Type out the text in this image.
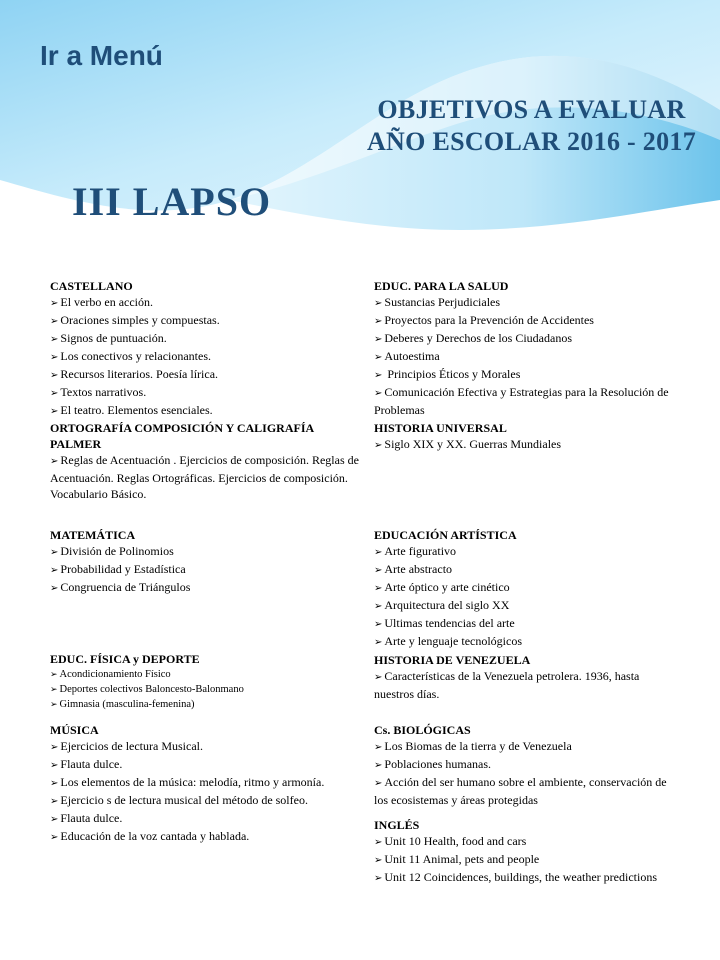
Ir a Menú
OBJETIVOS A EVALUAR
AÑO ESCOLAR 2016 - 2017
III LAPSO
CASTELLANO
➢ El verbo en acción.
➢ Oraciones simples y compuestas.
➢ Signos de puntuación.
➢ Los conectivos y relacionantes.
➢ Recursos literarios. Poesía lírica.
➢ Textos narrativos.
➢ El teatro. Elementos esenciales.
ORTOGRAFÍA COMPOSICIÓN Y CALIGRAFÍA
PALMER
➢ Reglas de Acentuación . Ejercicios de composición. Reglas de Acentuación. Reglas Ortográficas. Ejercicios de composición. Vocabulario Básico.
MATEMÁTICA
➢ División de Polinomios
➢ Probabilidad y Estadística
➢ Congruencia de Triángulos
EDUC. FÍSICA y DEPORTE
➢ Acondicionamiento Físico
➢ Deportes colectivos Baloncesto-Balonmano
➢ Gimnasia (masculina-femenina)
MÚSICA
➢ Ejercicios de lectura Musical.
➢ Flauta dulce.
➢ Los elementos de la música: melodía, ritmo y armonía.
➢ Ejercicio s de lectura musical del método de solfeo.
➢ Flauta dulce.
➢ Educación de la voz cantada y hablada.
EDUC. PARA LA SALUD
➢ Sustancias Perjudiciales
➢ Proyectos para la Prevención de Accidentes
➢ Deberes y Derechos de los Ciudadanos
➢ Autoestima
➢ Principios Éticos y Morales
➢ Comunicación Efectiva y Estrategias para la Resolución de Problemas
HISTORIA UNIVERSAL
➢ Siglo XIX y XX. Guerras Mundiales
EDUCACIÓN ARTÍSTICA
➢ Arte figurativo
➢ Arte abstracto
➢ Arte óptico y arte cinético
➢ Arquitectura del siglo XX
➢ Ultimas tendencias del arte
➢ Arte y lenguaje tecnológicos
HISTORIA DE VENEZUELA
➢ Características de la Venezuela petrolera. 1936, hasta nuestros días.
Cs. BIOLÓGICAS
➢ Los Biomas de la tierra y de Venezuela
➢ Poblaciones humanas.
➢ Acción del ser humano sobre el ambiente, conservación de los ecosistemas y áreas protegidas
INGLÉS
➢ Unit 10 Health, food and cars
➢ Unit 11 Animal, pets and people
➢ Unit 12 Coincidences, buildings, the weather predictions
